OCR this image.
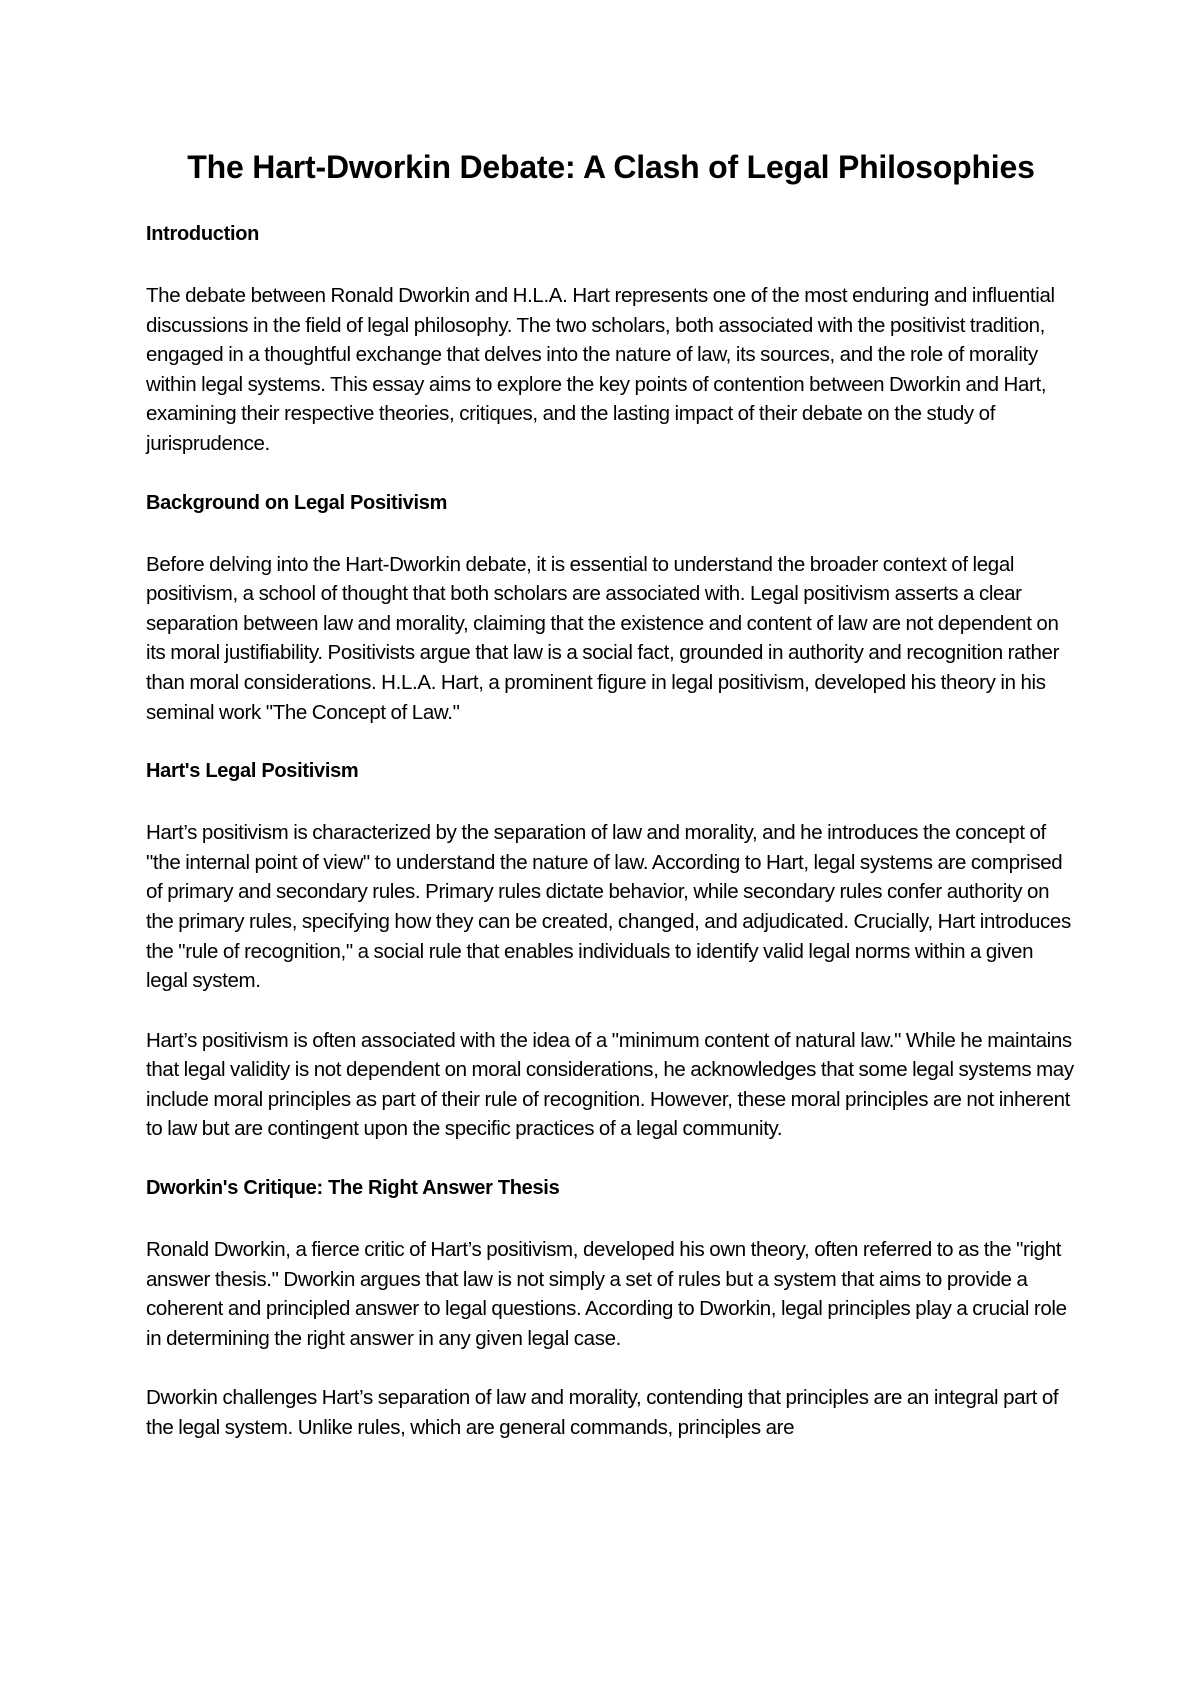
The Hart-Dworkin Debate: A Clash of Legal Philosophies
Introduction

The debate between Ronald Dworkin and H.L.A. Hart represents one of the most enduring and influential discussions in the field of legal philosophy. The two scholars, both associated with the positivist tradition, engaged in a thoughtful exchange that delves into the nature of law, its sources, and the role of morality within legal systems. This essay aims to explore the key points of contention between Dworkin and Hart, examining their respective theories, critiques, and the lasting impact of their debate on the study of jurisprudence.

Background on Legal Positivism

Before delving into the Hart-Dworkin debate, it is essential to understand the broader context of legal positivism, a school of thought that both scholars are associated with. Legal positivism asserts a clear separation between law and morality, claiming that the existence and content of law are not dependent on its moral justifiability. Positivists argue that law is a social fact, grounded in authority and recognition rather than moral considerations. H.L.A. Hart, a prominent figure in legal positivism, developed his theory in his seminal work "The Concept of Law."

Hart's Legal Positivism

Hart’s positivism is characterized by the separation of law and morality, and he introduces the concept of "the internal point of view" to understand the nature of law. According to Hart, legal systems are comprised of primary and secondary rules. Primary rules dictate behavior, while secondary rules confer authority on the primary rules, specifying how they can be created, changed, and adjudicated. Crucially, Hart introduces the "rule of recognition," a social rule that enables individuals to identify valid legal norms within a given legal system.

Hart’s positivism is often associated with the idea of a "minimum content of natural law." While he maintains that legal validity is not dependent on moral considerations, he acknowledges that some legal systems may include moral principles as part of their rule of recognition. However, these moral principles are not inherent to law but are contingent upon the specific practices of a legal community.

Dworkin's Critique: The Right Answer Thesis

Ronald Dworkin, a fierce critic of Hart’s positivism, developed his own theory, often referred to as the "right answer thesis." Dworkin argues that law is not simply a set of rules but a system that aims to provide a coherent and principled answer to legal questions. According to Dworkin, legal principles play a crucial role in determining the right answer in any given legal case.

Dworkin challenges Hart’s separation of law and morality, contending that principles are an integral part of the legal system. Unlike rules, which are general commands, principles are
